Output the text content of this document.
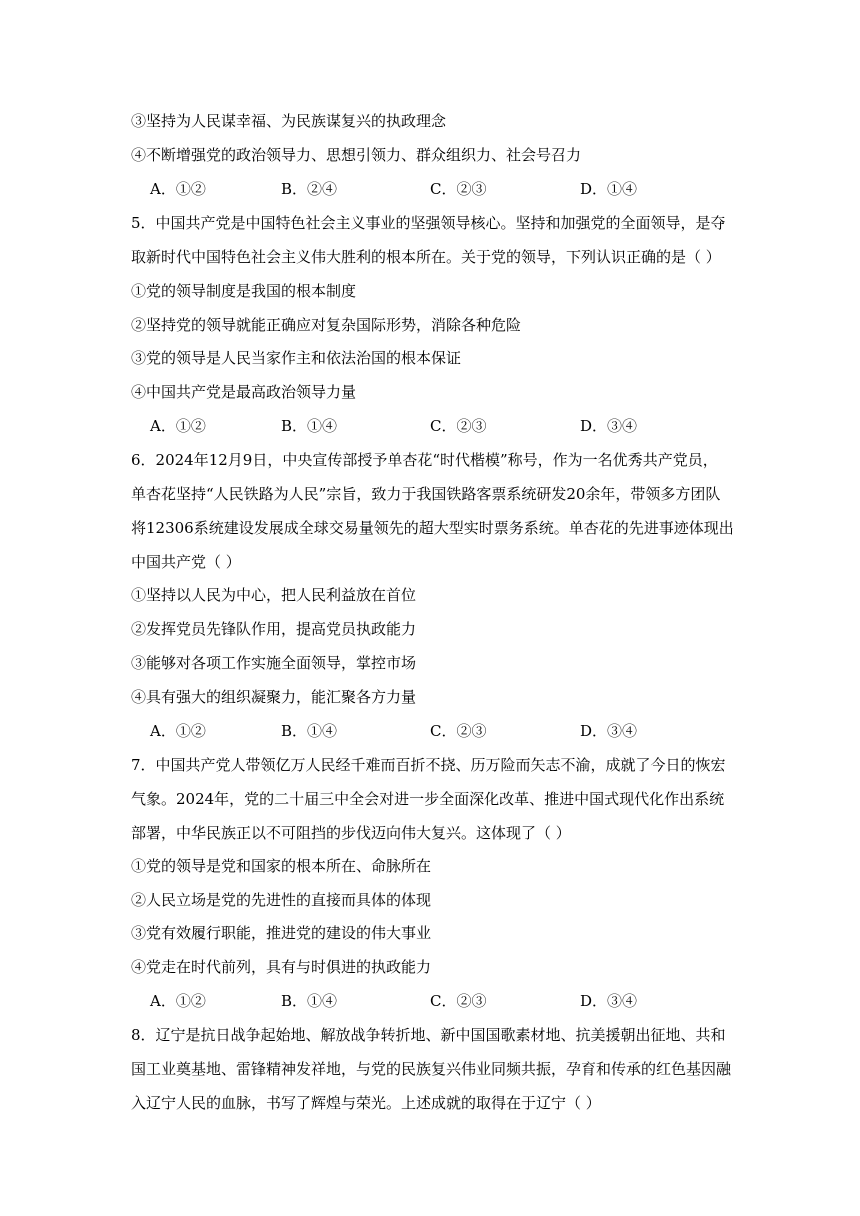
③坚持为人民谋幸福、为民族谋复兴的执政理念
④不断增强党的政治领导力、思想引领力、群众组织力、社会号召力
A．①②	B．②④	C．②③	D．①④
5．中国共产党是中国特色社会主义事业的坚强领导核心。坚持和加强党的全面领导，是夺
取新时代中国特色社会主义伟大胜利的根本所在。关于党的领导，下列认识正确的是（ ）
①党的领导制度是我国的根本制度
②坚持党的领导就能正确应对复杂国际形势，消除各种危险
③党的领导是人民当家作主和依法治国的根本保证
④中国共产党是最高政治领导力量
A．①②	B．①④	C．②③	D．③④
6．2024年12月9日，中央宣传部授予单杏花“时代楷模”称号，作为一名优秀共产党员，
单杏花坚持“人民铁路为人民”宗旨，致力于我国铁路客票系统研发20余年，带领多方团队
将12306系统建设发展成全球交易量领先的超大型实时票务系统。单杏花的先进事迹体现出
中国共产党（ ）
①坚持以人民为中心，把人民利益放在首位
②发挥党员先锋队作用，提高党员执政能力
③能够对各项工作实施全面领导，掌控市场
④具有强大的组织凝聚力，能汇聚各方力量
A．①②	B．①④	C．②③	D．③④
7．中国共产党人带领亿万人民经千难而百折不挠、历万险而矢志不渝，成就了今日的恢宏
气象。2024年，党的二十届三中全会对进一步全面深化改革、推进中国式现代化作出系统
部署，中华民族正以不可阻挡的步伐迈向伟大复兴。这体现了（ ）
①党的领导是党和国家的根本所在、命脉所在
②人民立场是党的先进性的直接而具体的体现
③党有效履行职能，推进党的建设的伟大事业
④党走在时代前列，具有与时俱进的执政能力
A．①②	B．①④	C．②③	D．③④
8．辽宁是抗日战争起始地、解放战争转折地、新中国国歌素材地、抗美援朝出征地、共和
国工业奠基地、雷锋精神发祥地，与党的民族复兴伟业同频共振，孕育和传承的红色基因融
入辽宁人民的血脉，书写了辉煌与荣光。上述成就的取得在于辽宁（ ）
